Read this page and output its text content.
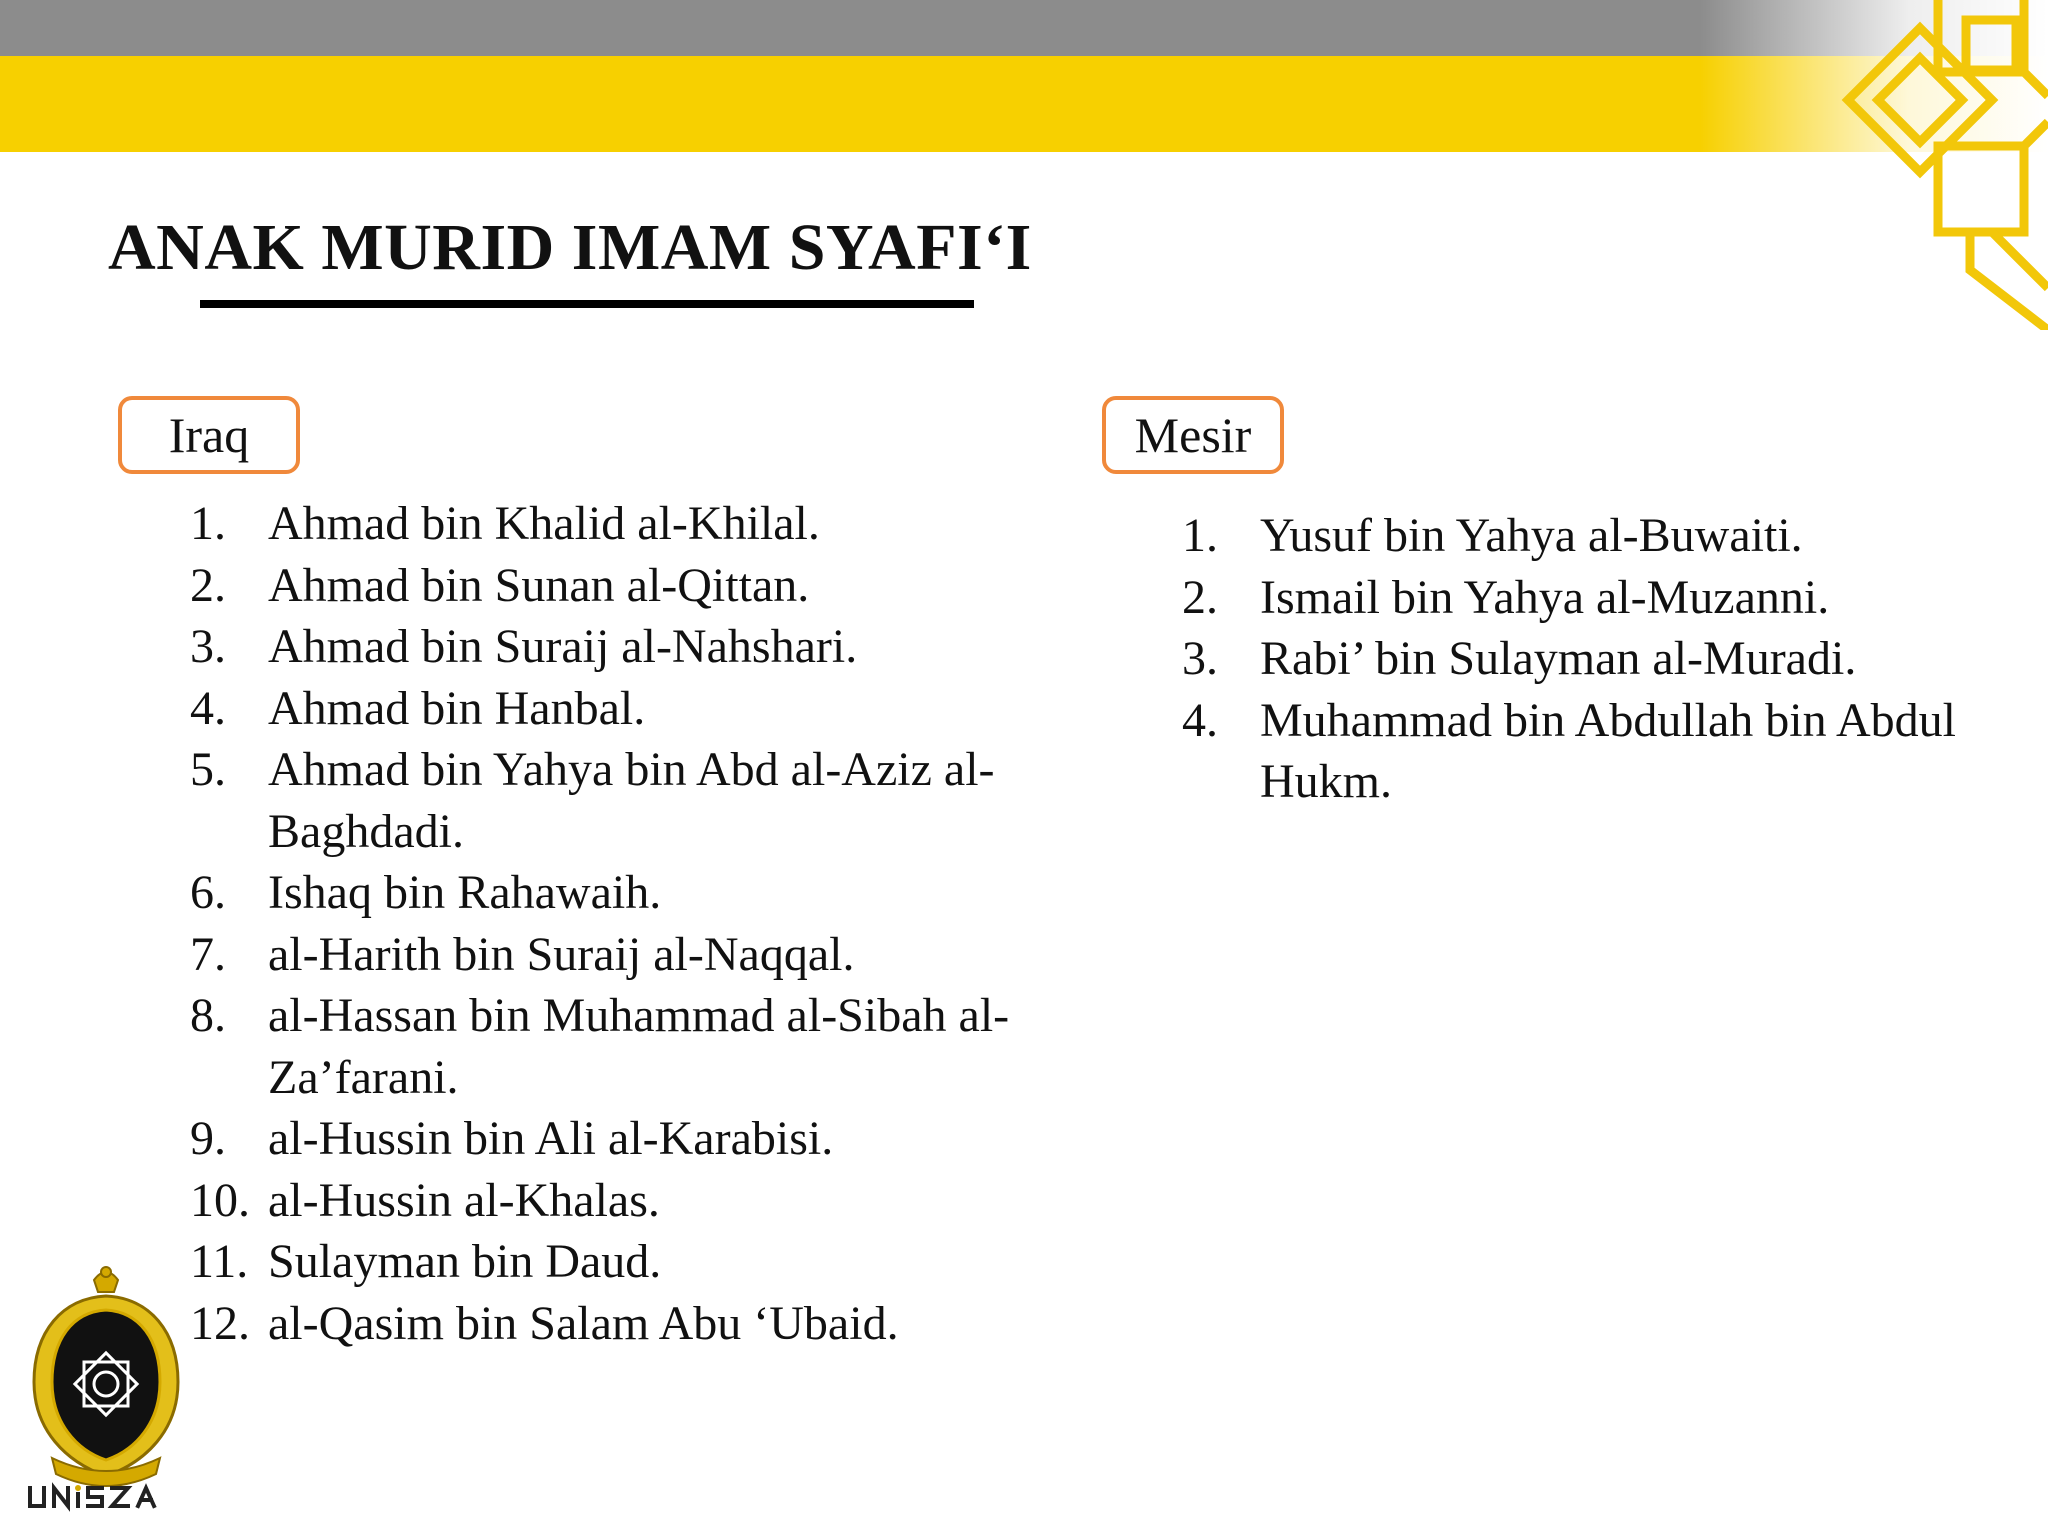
ANAK MURID IMAM SYAFI‘I
Iraq	Mesir
1. Ahmad bin Khalid al-Khilal.
2. Ahmad bin Sunan al-Qittan.
3. Ahmad bin Suraij al-Nahshari.
4. Ahmad bin Hanbal.
5. Ahmad bin Yahya bin Abd al-Aziz al-Baghdadi.
6. Ishaq bin Rahawaih.
7. al-Harith bin Suraij al-Naqqal.
8. al-Hassan bin Muhammad al-Sibah al-Za’farani.
9. al-Hussin bin Ali al-Karabisi.
10. al-Hussin al-Khalas.
11. Sulayman bin Daud.
12. al-Qasim bin Salam Abu ‘Ubaid.
1. Yusuf bin Yahya al-Buwaiti.
2. Ismail bin Yahya al-Muzanni.
3. Rabi’ bin Sulayman al-Muradi.
4. Muhammad bin Abdullah bin Abdul Hukm.
